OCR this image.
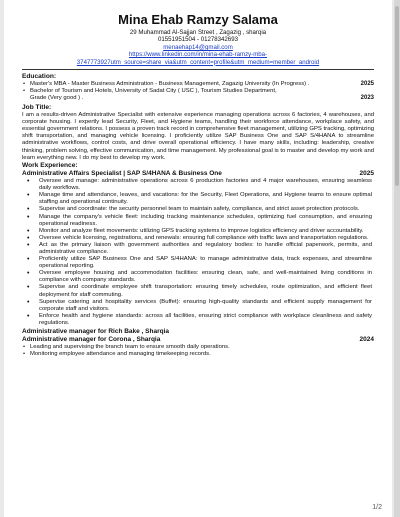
Mina Ehab Ramzy Salama
29 Muhammad Al-Sajjan Street , Zagazig , sharqia
01551951504 - 01278342693
menaehap14@gmail.com
https://www.linkedin.com/in/mina-ehab-ramzy-mba-
3747773927utm_source=share_via&utm_content=profile&utm_medium=member_android
Education:
• Master's MBA - Master Business Administration - Business Management, Zagazig University (In Progress) .	2025
• Bachelor of Tourism and Hotels, University of Sadat City ( USC ), Tourism Studies Department,
Grade (Very good ) .	2023
Job Title:
I am a results-driven Administrative Specialist with extensive experience managing operations across 6 factories, 4 warehouses, and corporate housing. I expertly lead Security, Fleet, and Hygiene teams, handling their workforce attendance, workplace safety, and essential government relations. I possess a proven track record in comprehensive fleet management, utilizing GPS tracking, optimizing shift transportation, and managing vehicle licensing. I proficiently utilize SAP Business One and SAP S/4HANA to streamline administrative workflows, control costs, and drive overall operational efficiency. I have many skills, including: leadership, creative thinking, problem solving, effective communication, and time management. My professional goal is to master and develop my work and learn everything new. I do my best to develop my work.
Work Experience:
Administrative Affairs Specialist | SAP S/4HANA & Business One	2025
• Oversee and manage: administrative operations across 6 production factories and 4 major warehouses, ensuring seamless daily workflows.
• Manage time and attendance, leaves, and vacations: for the Security, Fleet Operations, and Hygiene teams to ensure optimal staffing and operational continuity.
• Supervise and coordinate: the security personnel team to maintain safety, compliance, and strict asset protection protocols.
• Manage the company's vehicle fleet: including tracking maintenance schedules, optimizing fuel consumption, and ensuring operational readiness.
• Monitor and analyze fleet movements: utilizing GPS tracking systems to improve logistics efficiency and driver accountability.
• Oversee vehicle licensing, registrations, and renewals: ensuring full compliance with traffic laws and transportation regulations.
• Act as the primary liaison with government authorities and regulatory bodies: to handle official paperwork, permits, and administrative compliance.
• Proficiently utilize SAP Business One and SAP S/4HANA: to manage administrative data, track expenses, and streamline operational reporting.
• Oversee employee housing and accommodation facilities: ensuring clean, safe, and well-maintained living conditions in compliance with company standards.
• Supervise and coordinate employee shift transportation: ensuring timely schedules, route optimization, and efficient fleet deployment for staff commuting.
• Supervise catering and hospitality services (Buffet): ensuring high-quality standards and efficient supply management for corporate staff and visitors.
• Enforce health and hygiene standards: across all facilities, ensuring strict compliance with workplace cleanliness and safety regulations.
Administrative manager for Rich Bake , Sharqia
Administrative manager for Corona , Sharqia	2024
• Leading and supervising the branch team to ensure smooth daily operations.
• Monitoring employee attendance and managing timekeeping records.
1/2
